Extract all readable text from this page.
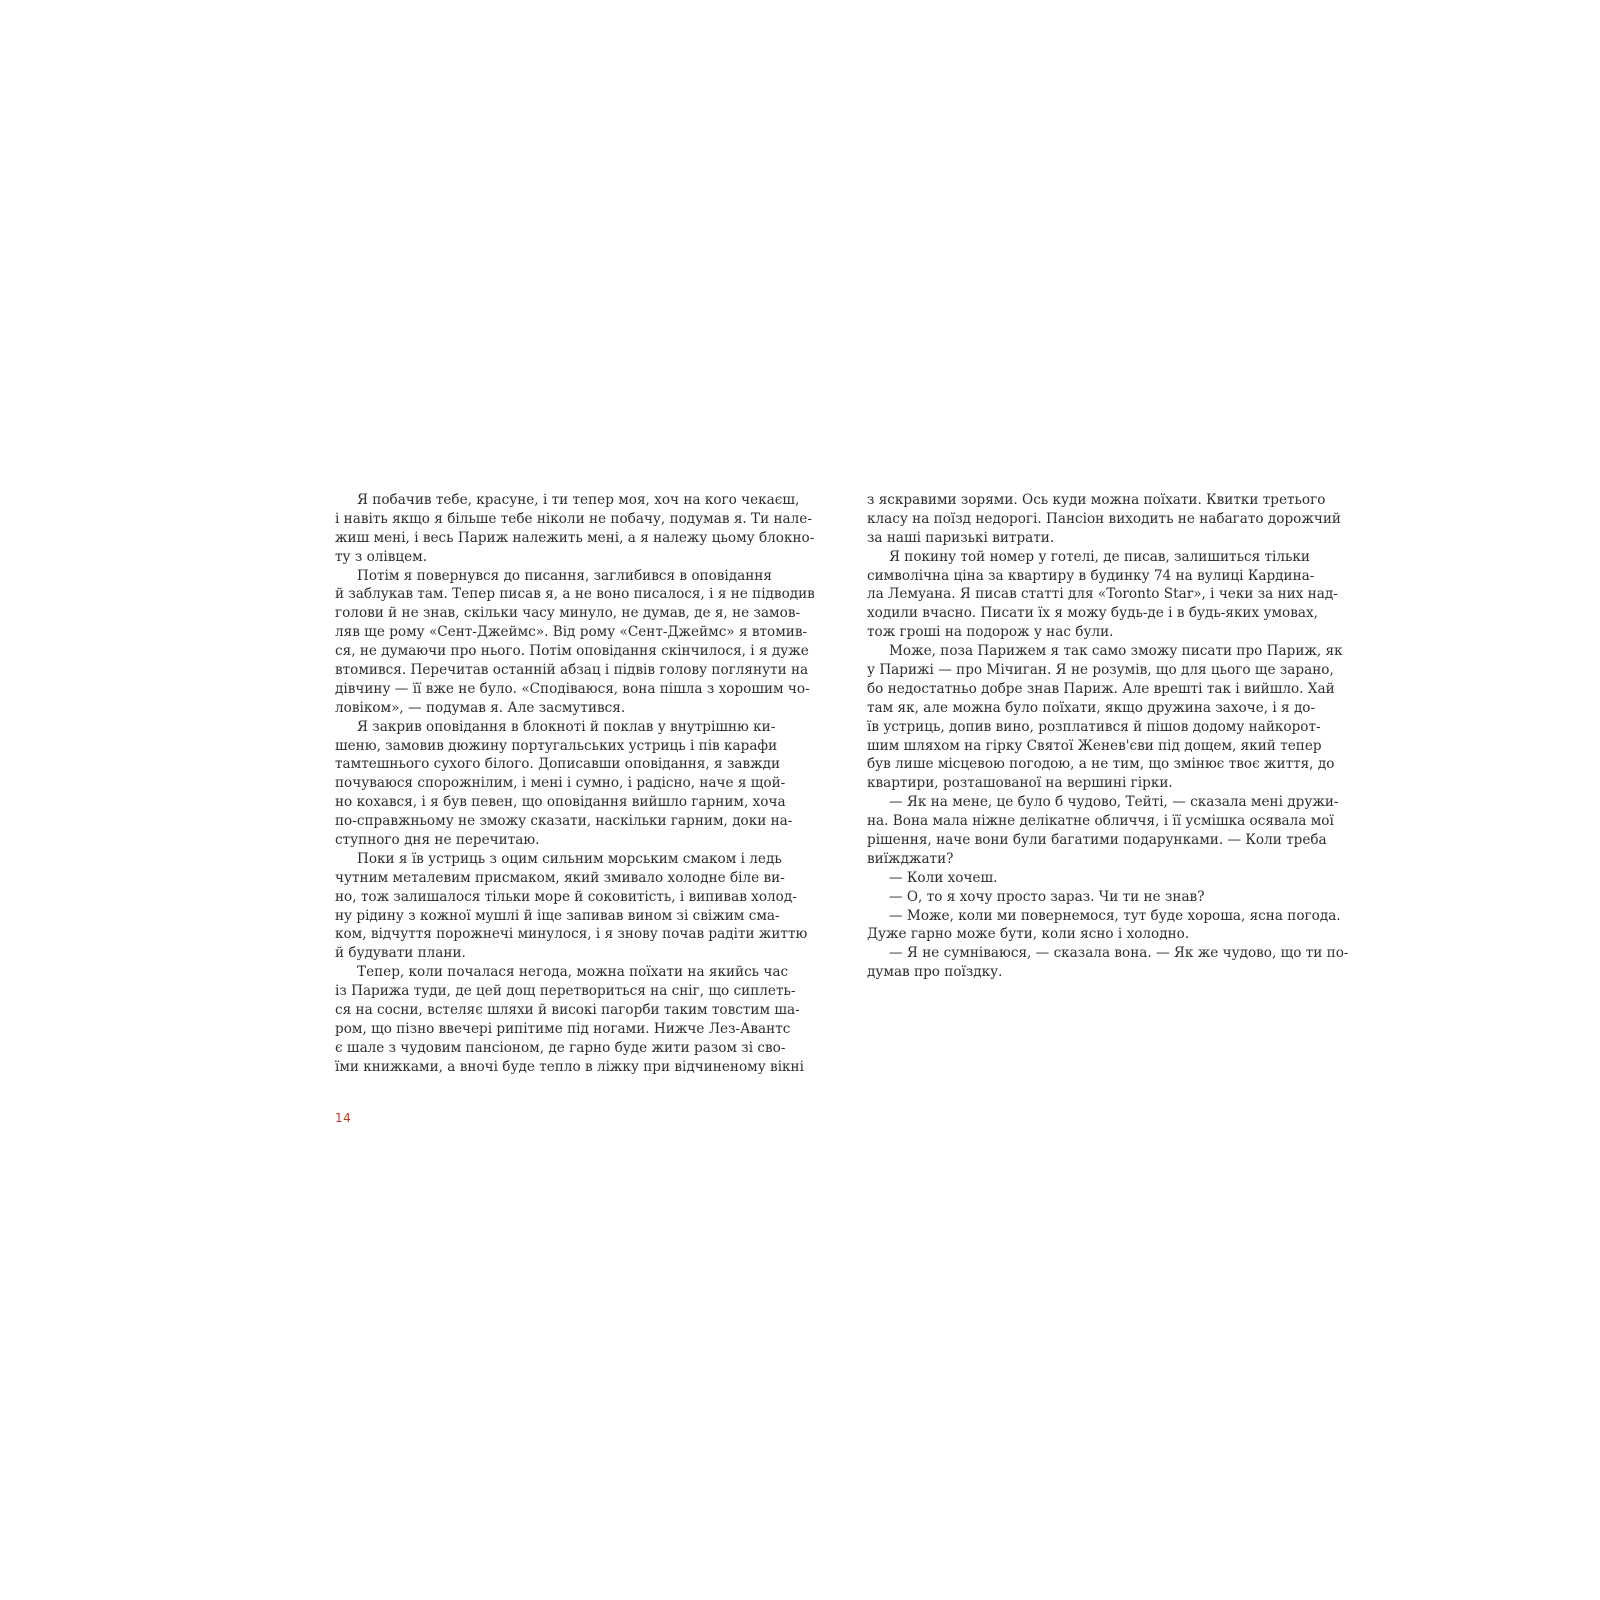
Я побачив тебе, красуне, і ти тепер моя, хоч на кого чекаєш,
і навіть якщо я більше тебе ніколи не побачу, подумав я. Ти нале-
жиш мені, і весь Париж належить мені, а я належу цьому блокно-
ту з олівцем.
Потім я повернувся до писання, заглибився в оповідання
й заблукав там. Тепер писав я, а не воно писалося, і я не підводив
голови й не знав, скільки часу минуло, не думав, де я, не замов-
ляв ще рому «Сент-Джеймс». Від рому «Сент-Джеймс» я втомив-
ся, не думаючи про нього. Потім оповідання скінчилося, і я дуже
втомився. Перечитав останній абзац і підвів голову поглянути на
дівчину — її вже не було. «Сподіваюся, вона пішла з хорошим чо-
ловіком», — подумав я. Але засмутився.
Я закрив оповідання в блокноті й поклав у внутрішню ки-
шеню, замовив дюжину португальських устриць і пів карафи
тамтешнього сухого білого. Дописавши оповідання, я завжди
почуваюся спорожнілим, і мені і сумно, і радісно, наче я щой-
но кохався, і я був певен, що оповідання вийшло гарним, хоча
по-справжньому не зможу сказати, наскільки гарним, доки на-
ступного дня не перечитаю.
Поки я їв устриць з оцим сильним морським смаком і ледь
чутним металевим присмаком, який змивало холодне біле ви-
но, тож залишалося тільки море й соковитість, і випивав холод-
ну рідину з кожної мушлі й іще запивав вином зі свіжим сма-
ком, відчуття порожнечі минулося, і я знову почав радіти життю
й будувати плани.
Тепер, коли почалася негода, можна поїхати на якийсь час
із Парижа туди, де цей дощ перетвориться на сніг, що сиплеть-
ся на сосни, встеляє шляхи й високі пагорби таким товстим ша-
ром, що пізно ввечері рипітиме під ногами. Нижче Лез-Авантс
є шале з чудовим пансіоном, де гарно буде жити разом зі сво-
їми книжками, а вночі буде тепло в ліжку при відчиненому вікні
14
з яскравими зорями. Ось куди можна поїхати. Квитки третього
класу на поїзд недорогі. Пансіон виходить не набагато дорожчий
за наші паризькі витрати.
Я покину той номер у готелі, де писав, залишиться тільки
символічна ціна за квартиру в будинку 74 на вулиці Кардина-
ла Лемуана. Я писав статті для «Toronto Star», і чеки за них над-
ходили вчасно. Писати їх я можу будь-де і в будь-яких умовах,
тож гроші на подорож у нас були.
Може, поза Парижем я так само зможу писати про Париж, як
у Парижі — про Мічиган. Я не розумів, що для цього ще зарано,
бо недостатньо добре знав Париж. Але врешті так і вийшло. Хай
там як, але можна було поїхати, якщо дружина захоче, і я до-
їв устриць, допив вино, розплатився й пішов додому найкорот-
шим шляхом на гірку Святої Женев'єви під дощем, який тепер
був лише місцевою погодою, а не тим, що змінює твоє життя, до
квартири, розташованої на вершині гірки.
— Як на мене, це було б чудово, Тейті, — сказала мені дружи-
на. Вона мала ніжне делікатне обличчя, і її усмішка осявала мої
рішення, наче вони були багатими подарунками. — Коли треба
виїжджати?
— Коли хочеш.
— О, то я хочу просто зараз. Чи ти не знав?
— Може, коли ми повернемося, тут буде хороша, ясна погода.
Дуже гарно може бути, коли ясно і холодно.
— Я не сумніваюся, — сказала вона. — Як же чудово, що ти по-
думав про поїздку.
